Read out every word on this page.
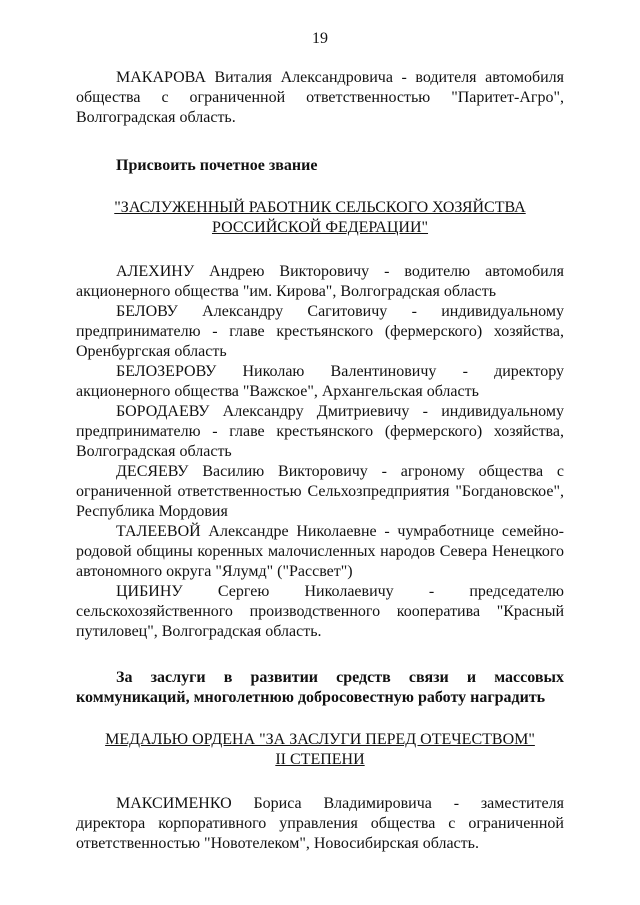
19

МАКАРОВА Виталия Александровича - водителя автомобиля общества с ограниченной ответственностью "Паритет-Агро", Волгоградская область.

Присвоить почетное звание

"ЗАСЛУЖЕННЫЙ РАБОТНИК СЕЛЬСКОГО ХОЗЯЙСТВА

РОССИЙСКОЙ ФЕДЕРАЦИИ"

АЛЕХИНУ Андрею Викторовичу - водителю автомобиля акционерного общества "им. Кирова", Волгоградская область

БЕЛОВУ Александру Сагитовичу - индивидуальному предпринимателю - главе крестьянского (фермерского) хозяйства, Оренбургская область

БЕЛОЗЕРОВУ Николаю Валентиновичу - директору акционерного общества "Важское", Архангельская область

БОРОДАЕВУ Александру Дмитриевичу - индивидуальному предпринимателю - главе крестьянского (фермерского) хозяйства, Волгоградская область

ДЕСЯЕВУ Василию Викторовичу - агроному общества с ограниченной ответственностью Сельхозпредприятия "Богдановское", Республика Мордовия

ТАЛЕЕВОЙ Александре Николаевне - чумработнице семейно-родовой общины коренных малочисленных народов Севера Ненецкого автономного округа "Ялумд" ("Рассвет")

ЦИБИНУ Сергею Николаевичу - председателю сельскохозяйственного производственного кооператива "Красный путиловец", Волгоградская область.

За заслуги в развитии средств связи и массовых коммуникаций, многолетнюю добросовестную работу наградить

МЕДАЛЬЮ ОРДЕНА "ЗА ЗАСЛУГИ ПЕРЕД ОТЕЧЕСТВОМ"

II СТЕПЕНИ

МАКСИМЕНКО Бориса Владимировича - заместителя директора корпоративного управления общества с ограниченной ответственностью "Новотелеком", Новосибирская область.
